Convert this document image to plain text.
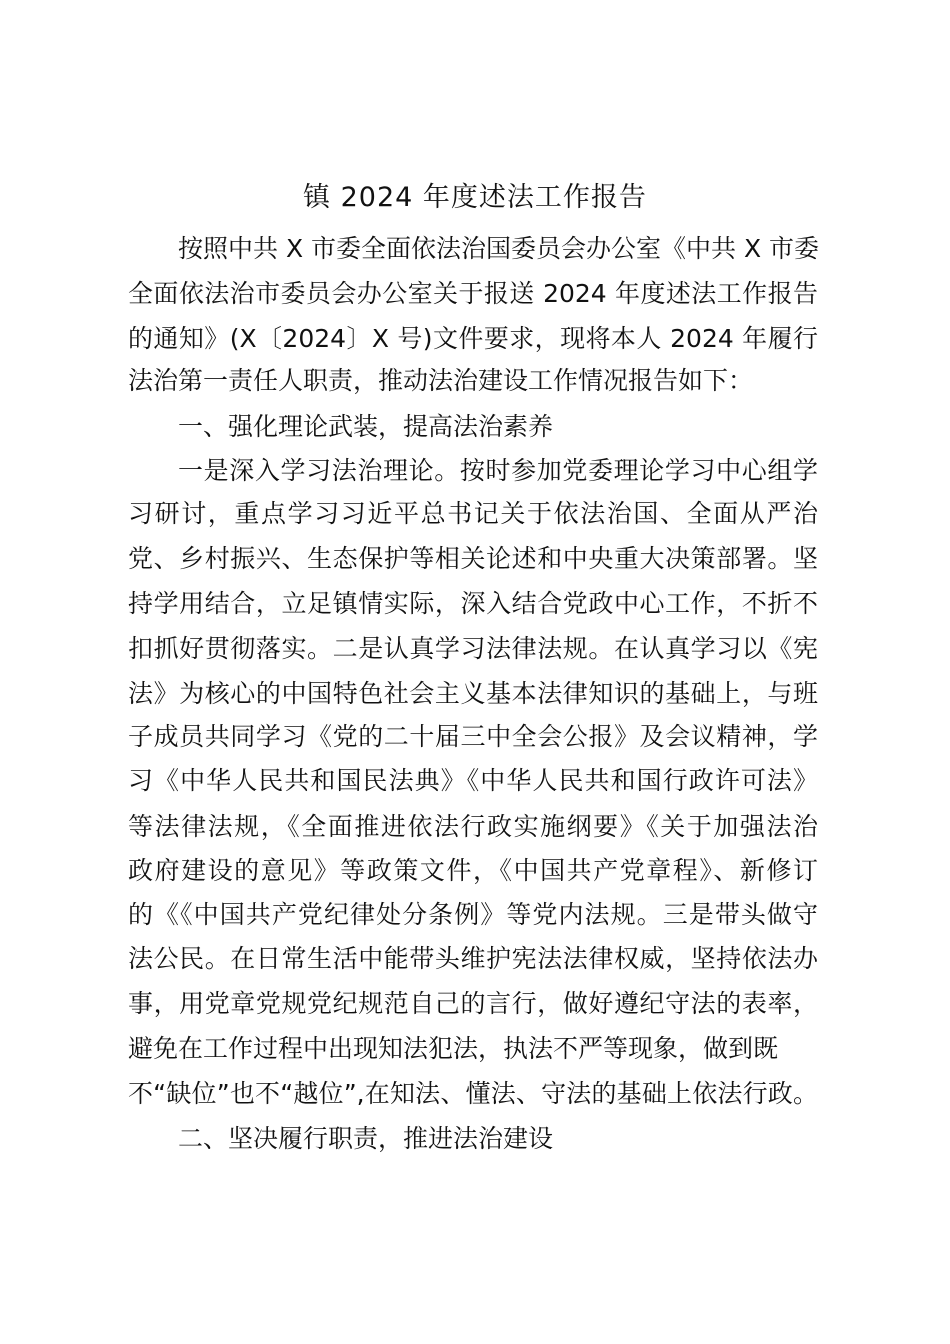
镇 2024 年度述法工作报告
按照中共 X 市委全面依法治国委员会办公室《中共 X 市委
全面依法治市委员会办公室关于报送 2024 年度述法工作报告
的通知》(X〔2024〕X 号)文件要求，现将本人 2024 年履行
法治第一责任人职责，推动法治建设工作情况报告如下：
一、强化理论武装，提高法治素养
一是深入学习法治理论。按时参加党委理论学习中心组学
习研讨，重点学习习近平总书记关于依法治国、全面从严治
党、乡村振兴、生态保护等相关论述和中央重大决策部署。坚
持学用结合，立足镇情实际，深入结合党政中心工作，不折不
扣抓好贯彻落实。二是认真学习法律法规。在认真学习以《宪
法》为核心的中国特色社会主义基本法律知识的基础上，与班
子成员共同学习《党的二十届三中全会公报》及会议精神，学
习《中华人民共和国民法典》《中华人民共和国行政许可法》
等法律法规，《全面推进依法行政实施纲要》《关于加强法治
政府建设的意见》等政策文件，《中国共产党章程》、新修订
的《《中国共产党纪律处分条例》等党内法规。三是带头做守
法公民。在日常生活中能带头维护宪法法律权威，坚持依法办
事，用党章党规党纪规范自己的言行，做好遵纪守法的表率，
避免在工作过程中出现知法犯法，执法不严等现象，做到既
不“缺位”也不“越位”,在知法、懂法、守法的基础上依法行政。
二、坚决履行职责，推进法治建设
